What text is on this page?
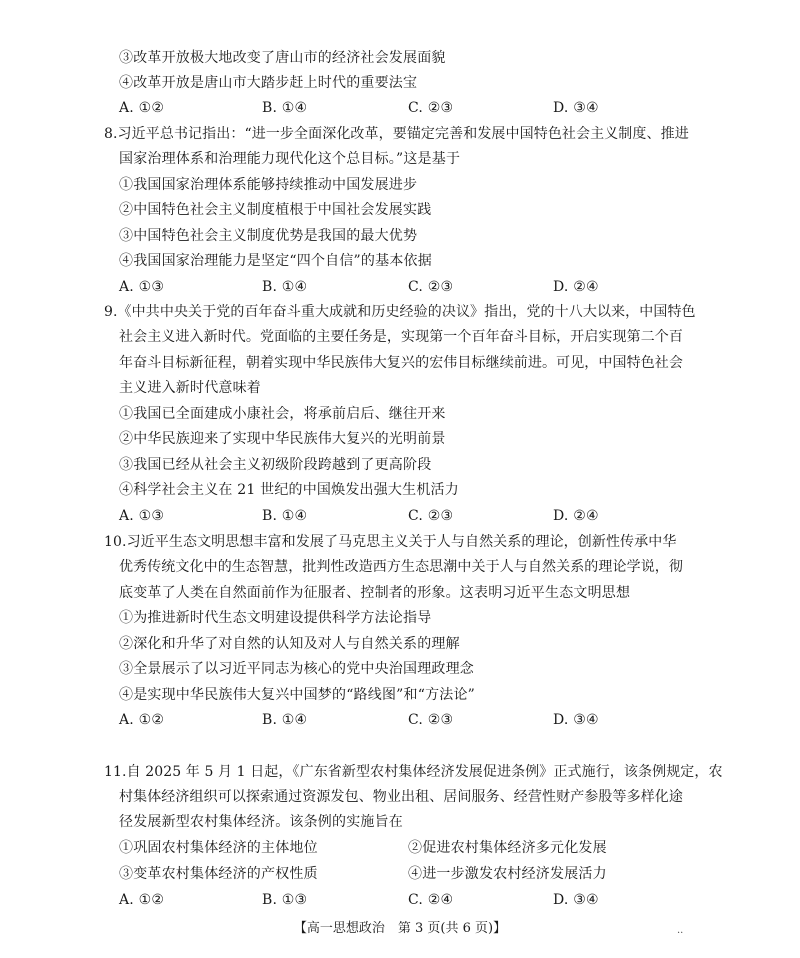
③改革开放极大地改变了唐山市的经济社会发展面貌
④改革开放是唐山市大踏步赶上时代的重要法宝
A. ①②	B. ①④	C. ②③	D. ③④
8.习近平总书记指出：“进一步全面深化改革，要锚定完善和发展中国特色社会主义制度、推进
国家治理体系和治理能力现代化这个总目标。”这是基于
①我国国家治理体系能够持续推动中国发展进步
②中国特色社会主义制度植根于中国社会发展实践
③中国特色社会主义制度优势是我国的最大优势
④我国国家治理能力是坚定“四个自信”的基本依据
A. ①③	B. ①④	C. ②③	D. ②④
9.《中共中央关于党的百年奋斗重大成就和历史经验的决议》指出，党的十八大以来，中国特色
社会主义进入新时代。党面临的主要任务是，实现第一个百年奋斗目标，开启实现第二个百
年奋斗目标新征程，朝着实现中华民族伟大复兴的宏伟目标继续前进。可见，中国特色社会
主义进入新时代意味着
①我国已全面建成小康社会，将承前启后、继往开来
②中华民族迎来了实现中华民族伟大复兴的光明前景
③我国已经从社会主义初级阶段跨越到了更高阶段
④科学社会主义在 21 世纪的中国焕发出强大生机活力
A. ①③	B. ①④	C. ②③	D. ②④
10.习近平生态文明思想丰富和发展了马克思主义关于人与自然关系的理论，创新性传承中华
优秀传统文化中的生态智慧，批判性改造西方生态思潮中关于人与自然关系的理论学说，彻
底变革了人类在自然面前作为征服者、控制者的形象。这表明习近平生态文明思想
①为推进新时代生态文明建设提供科学方法论指导
②深化和升华了对自然的认知及对人与自然关系的理解
③全景展示了以习近平同志为核心的党中央治国理政理念
④是实现中华民族伟大复兴中国梦的“路线图”和“方法论”
A. ①②	B. ①④	C. ②③	D. ③④
11.自 2025 年 5 月 1 日起，《广东省新型农村集体经济发展促进条例》正式施行，该条例规定，农
村集体经济组织可以探索通过资源发包、物业出租、居间服务、经营性财产参股等多样化途
径发展新型农村集体经济。该条例的实施旨在
①巩固农村集体经济的主体地位	②促进农村集体经济多元化发展
③变革农村集体经济的产权性质	④进一步激发农村经济发展活力
A. ①②	B. ①③	C. ②④	D. ③④
【高一思想政治　第 3 页(共 6 页)】	··
